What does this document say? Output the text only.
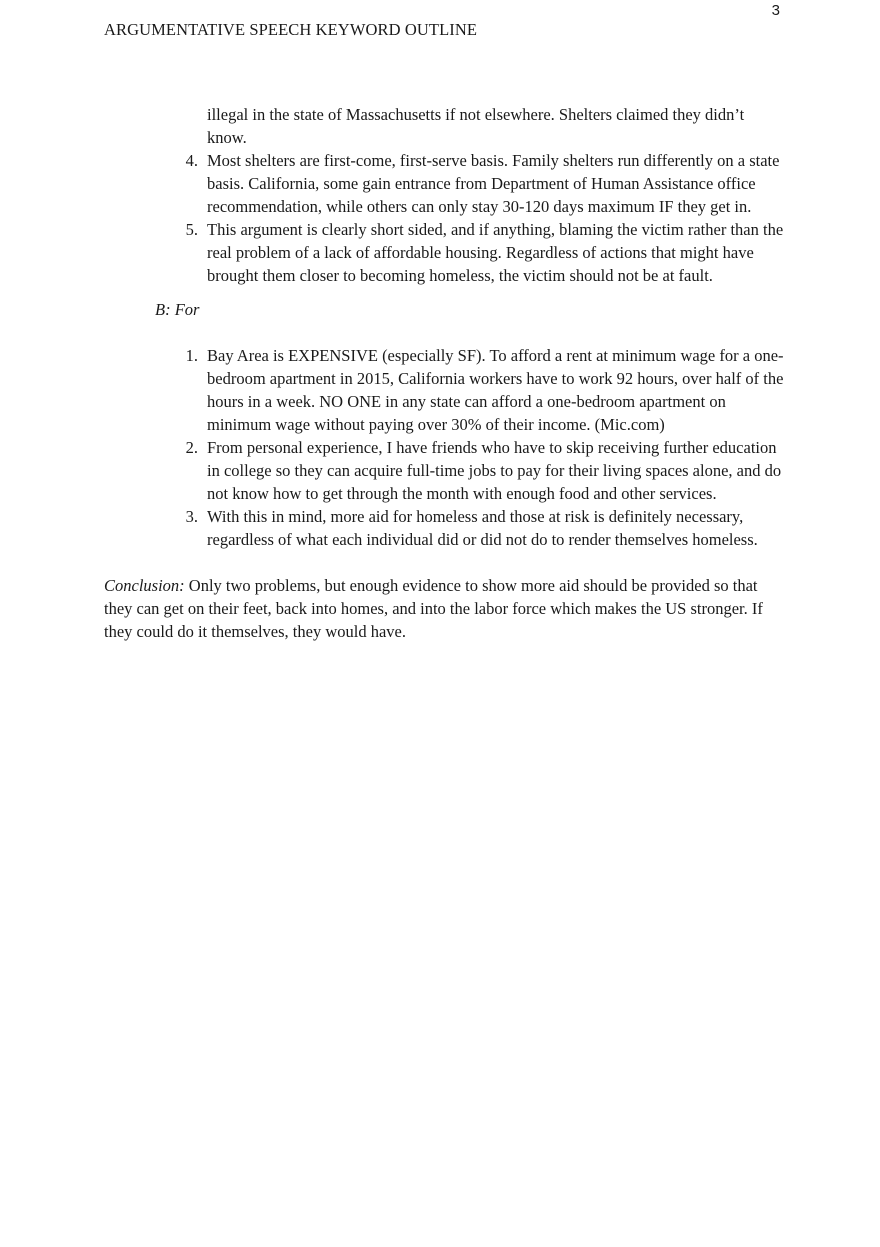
3
ARGUMENTATIVE SPEECH KEYWORD OUTLINE
illegal in the state of Massachusetts if not elsewhere. Shelters claimed they didn’t know.
4. Most shelters are first-come, first-serve basis. Family shelters run differently on a state basis. California, some gain entrance from Department of Human Assistance office recommendation, while others can only stay 30-120 days maximum IF they get in.
5. This argument is clearly short sided, and if anything, blaming the victim rather than the real problem of a lack of affordable housing. Regardless of actions that might have brought them closer to becoming homeless, the victim should not be at fault.
B: For
1. Bay Area is EXPENSIVE (especially SF). To afford a rent at minimum wage for a one-bedroom apartment in 2015, California workers have to work 92 hours, over half of the hours in a week. NO ONE in any state can afford a one-bedroom apartment on minimum wage without paying over 30% of their income. (Mic.com)
2. From personal experience, I have friends who have to skip receiving further education in college so they can acquire full-time jobs to pay for their living spaces alone, and do not know how to get through the month with enough food and other services.
3. With this in mind, more aid for homeless and those at risk is definitely necessary, regardless of what each individual did or did not do to render themselves homeless.

Conclusion: Only two problems, but enough evidence to show more aid should be provided so that they can get on their feet, back into homes, and into the labor force which makes the US stronger. If they could do it themselves, they would have.
